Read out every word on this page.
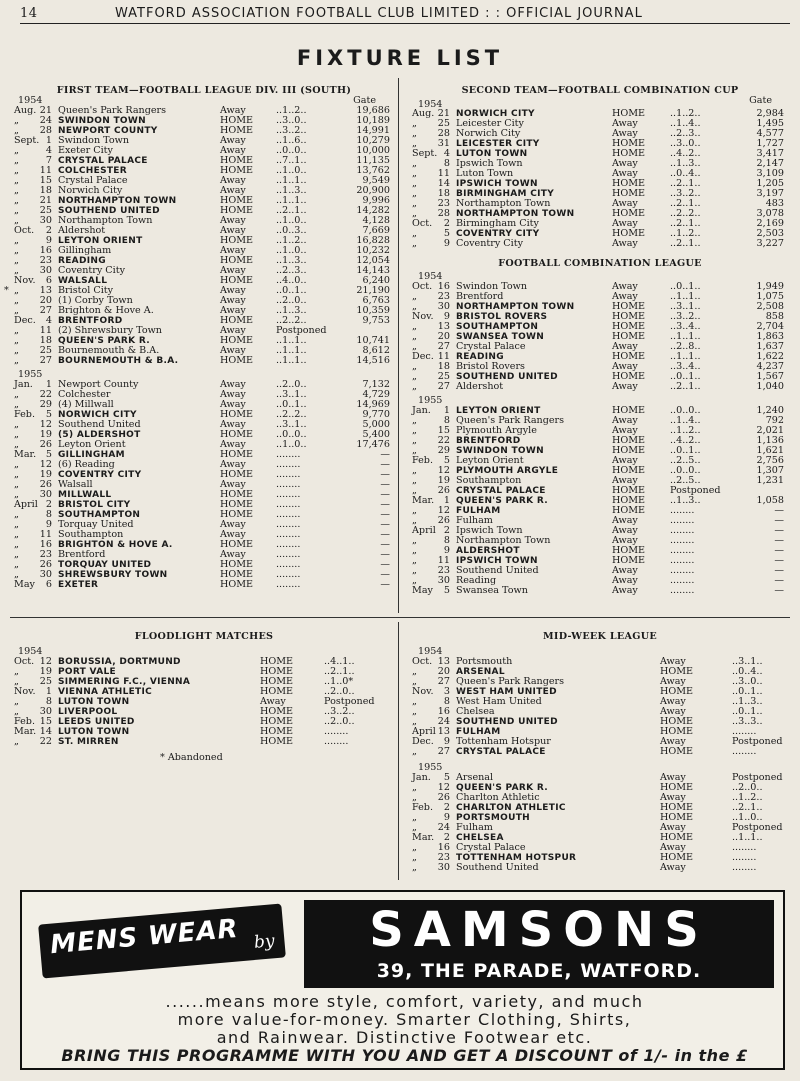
14	WATFORD ASSOCIATION FOOTBALL CLUB LIMITED : : OFFICIAL JOURNAL
FIXTURE LIST
FIRST TEAM—FOOTBALL LEAGUE DIV. III (SOUTH)
1954	Gate
Aug. 21 Queen's Park Rangers	Away	..1..2..	19,686
„	24 SWINDON TOWN	HOME ..3..0..	10,189
„	28 NEWPORT COUNTY	HOME ..3..2..	14,991
Sept. 1 Swindon Town	Away	..1..6..	10,279
„	4 Exeter City	Away	..0..0..	10,000
„	7 CRYSTAL PALACE	HOME ..7..1..	11,135
„	11 COLCHESTER	HOME ..1..0..	13,762
„	15 Crystal Palace	Away	..1..1..	9,549
„	18 Norwich City	Away	..1..3..	20,900
„	21 NORTHAMPTON TOWN	HOME ..1..1..	9,996
„	25 SOUTHEND UNITED	HOME ..2..1..	14,282
„	30 Northampton Town	Away	..1..0..	4,128
Oct.	2 Aldershot	Away	..0..3..	7,669
„	9 LEYTON ORIENT	HOME ..1..2..	16,828
„	16 Gillingham	Away	..1..0..	10,232
„	23 READING	HOME ..1..3..	12,054
„	30 Coventry City	Away	..2..3..	14,143
Nov.	6 WALSALL	HOME ..4..0..	6,240
* „	13 Bristol City	Away	..0..1..	21,190
„	20 (1) Corby Town	Away	..2..0..	6,763
„	27 Brighton & Hove A.	Away	..1..3..	10,359
Dec.	4 BRENTFORD	HOME ..2..2..	9,753
„	11 (2) Shrewsbury Town	Away	Postponed
„	18 QUEEN'S PARK R.	HOME ..1..1..	10,741
„	25 Bournemouth & B.A.	Away	..1..1..	8,612
„	27 BOURNEMOUTH & B.A.	HOME ..1..1..	14,516
1955
Jan.	1 Newport County	Away	..2..0..	7,132
„	22 Colchester	Away	..3..1..	4,729
„	29 (4) Millwall	Away	..0..1..	14,969
Feb.	5 NORWICH CITY	HOME ..2..2..	9,770
„	12 Southend United	Away	..3..1..	5,000
„	19 (5) ALDERSHOT	HOME ..0..0..	5,400
„	26 Leyton Orient	Away	..1..0..	17,476
Mar.	5 GILLINGHAM	HOME ........	—
„	12 (6) Reading	Away	........	—
„	19 COVENTRY CITY	HOME ........	—
„	26 Walsall	Away	........	—
„	30 MILLWALL	HOME ........	—
April 2 BRISTOL CITY	HOME ........	—
„	8 SOUTHAMPTON	HOME ........	—
„	9 Torquay United	Away	........	—
„	11 Southampton	Away	........	—
„	16 BRIGHTON & HOVE A.	HOME ........	—
„	23 Brentford	Away	........	—
„	26 TORQUAY UNITED	HOME ........	—
„	30 SHREWSBURY TOWN	HOME ........	—
May	6 EXETER	HOME ........	—
SECOND TEAM—FOOTBALL COMBINATION CUP
1954	Gate
Aug. 21 NORWICH CITY	HOME	..1..2..	2,984
„	25 Leicester City	Away	..1..4..	1,495
„	28 Norwich City	Away	..2..3..	4,577
„	31 LEICESTER CITY	HOME	..3..0..	1,727
Sept. 4 LUTON TOWN	HOME	..4..2..	3,417
„	8 Ipswich Town	Away	..1..3..	2,147
„	11 Luton Town	Away	..0..4..	3,109
„	14 IPSWICH TOWN	HOME	..2..1..	1,205
„	18 BIRMINGHAM CITY	HOME	..3..2..	3,197
„	23 Northampton Town	Away	..2..1..	483
„	28 NORTHAMPTON TOWN	HOME	..2..2..	3,078
Oct.	2 Birmingham City	Away	..2..1..	2,169
„	5 COVENTRY CITY	HOME	..1..2..	2,503
„	9 Coventry City	Away	..2..1..	3,227
FOOTBALL COMBINATION LEAGUE
1954
Oct. 16 Swindon Town	Away	..0..1..	1,949
„	23 Brentford	Away	..1..1..	1,075
„	30 NORTHAMPTON TOWN	HOME	..3..1..	2,508
Nov.	9 BRISTOL ROVERS	HOME	..3..2..	858
„	13 SOUTHAMPTON	HOME	..3..4..	2,704
„	20 SWANSEA TOWN	HOME	..1..1..	1,863
„	27 Crystal Palace	Away	..2..8..	1,637
Dec. 11 READING	HOME	..1..1..	1,622
„	18 Bristol Rovers	Away	..3..4..	4,237
„	25 SOUTHEND UNITED	HOME	..0..1..	1,567
„	27 Aldershot	Away	..2..1..	1,040
1955
Jan.	1 LEYTON ORIENT	HOME	..0..0..	1,240
„	8 Queen's Park Rangers	Away	..1..4..	792
„	15 Plymouth Argyle	Away	..1..2..	2,021
„	22 BRENTFORD	HOME	..4..2..	1,136
„	29 SWINDON TOWN	HOME	..0..1..	1,621
Feb.	5 Leyton Orient	Away	..2..5..	2,756
„	12 PLYMOUTH ARGYLE	HOME	..0..0..	1,307
„	19 Southampton	Away	..2..5..	1,231
„	26 CRYSTAL PALACE	HOME	Postponed
Mar.	1 QUEEN'S PARK R.	HOME	..1..3..	1,058
„	12 FULHAM	HOME	........	—
„	26 Fulham	Away	........	—
April 2 Ipswich Town	Away	........	—
„	8 Northampton Town	Away	........	—
„	9 ALDERSHOT	HOME	........	—
„	11 IPSWICH TOWN	HOME	........	—
„	23 Southend United	Away	........	—
„	30 Reading	Away	........	—
May	5 Swansea Town	Away	........	—
FLOODLIGHT MATCHES
1954
Oct. 12 BORUSSIA, DORTMUND	HOME	..4..1..
„	19 PORT VALE	HOME	..2..1..
„	25 SIMMERING F.C., VIENNA	HOME	..1..0*
Nov.	1 VIENNA ATHLETIC	HOME	..2..0..
„	8 LUTON TOWN	Away	Postponed
„	30 LIVERPOOL	HOME	..3..2..
Feb. 15 LEEDS UNITED	HOME	..2..0..
Mar. 14 LUTON TOWN	HOME	........
„	22 ST. MIRREN	HOME	........
* Abandoned
MID-WEEK LEAGUE
1954
Oct. 13 Portsmouth	Away	..3..1..
„	20 ARSENAL	HOME	..0..4..
„	27 Queen's Park Rangers	Away	..3..0..
Nov.	3 WEST HAM UNITED	HOME	..0..1..
„	8 West Ham United	Away	..1..3..
„	16 Chelsea	Away	..0..1..
„	24 SOUTHEND UNITED	HOME	..3..3..
April 13 FULHAM	HOME	........
Dec.	9 Tottenham Hotspur	Away	Postponed
„	27 CRYSTAL PALACE	HOME	........
1955
Jan.	5 Arsenal	Away	Postponed
„	12 QUEEN'S PARK R.	HOME	..2..0..
„	26 Charlton Athletic	Away	..1..2..
Feb.	2 CHARLTON ATHLETIC	HOME	..2..1..
„	9 PORTSMOUTH	HOME	..1..0..
„	24 Fulham	Away	Postponed
Mar.	2 CHELSEA	HOME	..1..1..
„	16 Crystal Palace	Away	........
„	23 TOTTENHAM HOTSPUR	HOME	........
„	30 Southend United	Away	........
MENS WEAR by	SAMSONS
39, THE PARADE, WATFORD.
......means more style, comfort, variety, and much
more value-for-money. Smarter Clothing, Shirts,
and Rainwear. Distinctive Footwear etc.
BRING THIS PROGRAMME WITH YOU AND GET A DISCOUNT of 1/- in the £
